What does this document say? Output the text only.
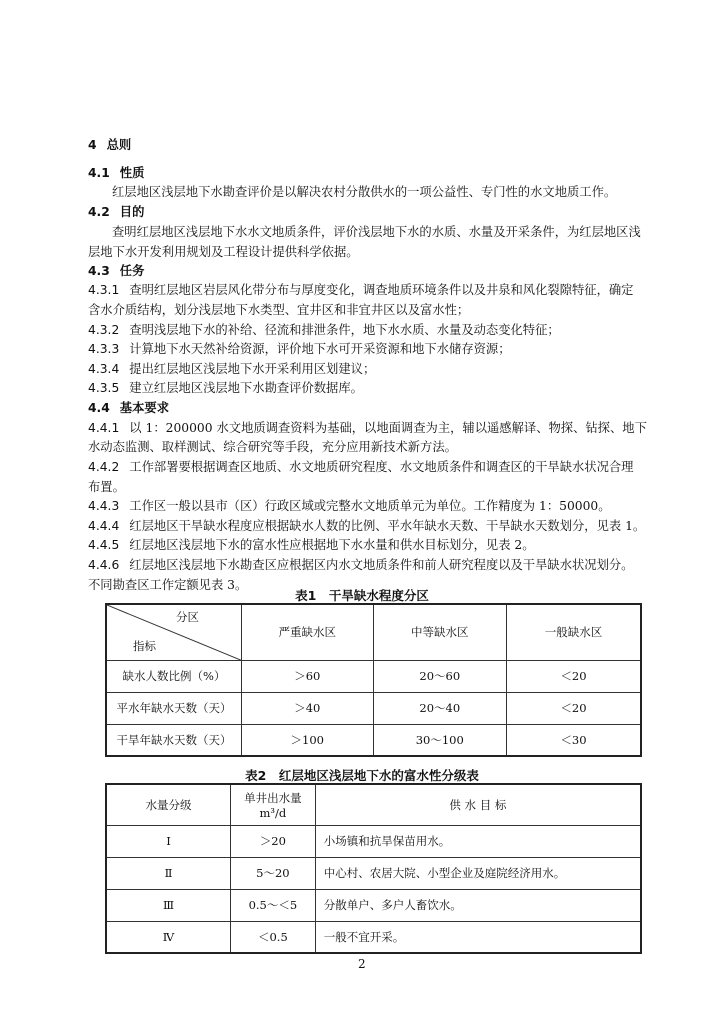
4 总则
4.1 性质
红层地区浅层地下水勘查评价是以解决农村分散供水的一项公益性、专门性的水文地质工作。
4.2 目的
查明红层地区浅层地下水水文地质条件，评价浅层地下水的水质、水量及开采条件，为红层地区浅
层地下水开发利用规划及工程设计提供科学依据。
4.3 任务
4.3.1 查明红层地区岩层风化带分布与厚度变化，调查地质环境条件以及井泉和风化裂隙特征，确定
含水介质结构，划分浅层地下水类型、宜井区和非宜井区以及富水性；
4.3.2 查明浅层地下水的补给、径流和排泄条件，地下水水质、水量及动态变化特征；
4.3.3 计算地下水天然补给资源，评价地下水可开采资源和地下水储存资源；
4.3.4 提出红层地区浅层地下水开采利用区划建议；
4.3.5 建立红层地区浅层地下水勘查评价数据库。
4.4 基本要求
4.4.1 以 1：200000 水文地质调查资料为基础，以地面调查为主，辅以遥感解译、物探、钻探、地下
水动态监测、取样测试、综合研究等手段，充分应用新技术新方法。
4.4.2 工作部署要根据调查区地质、水文地质研究程度、水文地质条件和调查区的干旱缺水状况合理
布置。
4.4.3 工作区一般以县市（区）行政区域或完整水文地质单元为单位。工作精度为 1：50000。
4.4.4 红层地区干旱缺水程度应根据缺水人数的比例、平水年缺水天数、干旱缺水天数划分，见表 1。
4.4.5 红层地区浅层地下水的富水性应根据地下水水量和供水目标划分，见表 2。
4.4.6 红层地区浅层地下水勘查区应根据区内水文地质条件和前人研究程度以及干旱缺水状况划分。
不同勘查区工作定额见表 3。
表1　干旱缺水程度分区
分区
指标	严重缺水区	中等缺水区	一般缺水区
缺水人数比例（%）	＞60	20～60	＜20
平水年缺水天数（天）	＞40	20～40	＜20
干旱年缺水天数（天）	＞100	30～100	＜30
表2　红层地区浅层地下水的富水性分级表
水量分级	单井出水量
m³/d	供 水 目 标
Ⅰ	＞20	小场镇和抗旱保苗用水。
Ⅱ	5～20	中心村、农居大院、小型企业及庭院经济用水。
Ⅲ	0.5～＜5	分散单户、多户人畜饮水。
Ⅳ	＜0.5	一般不宜开采。
2
